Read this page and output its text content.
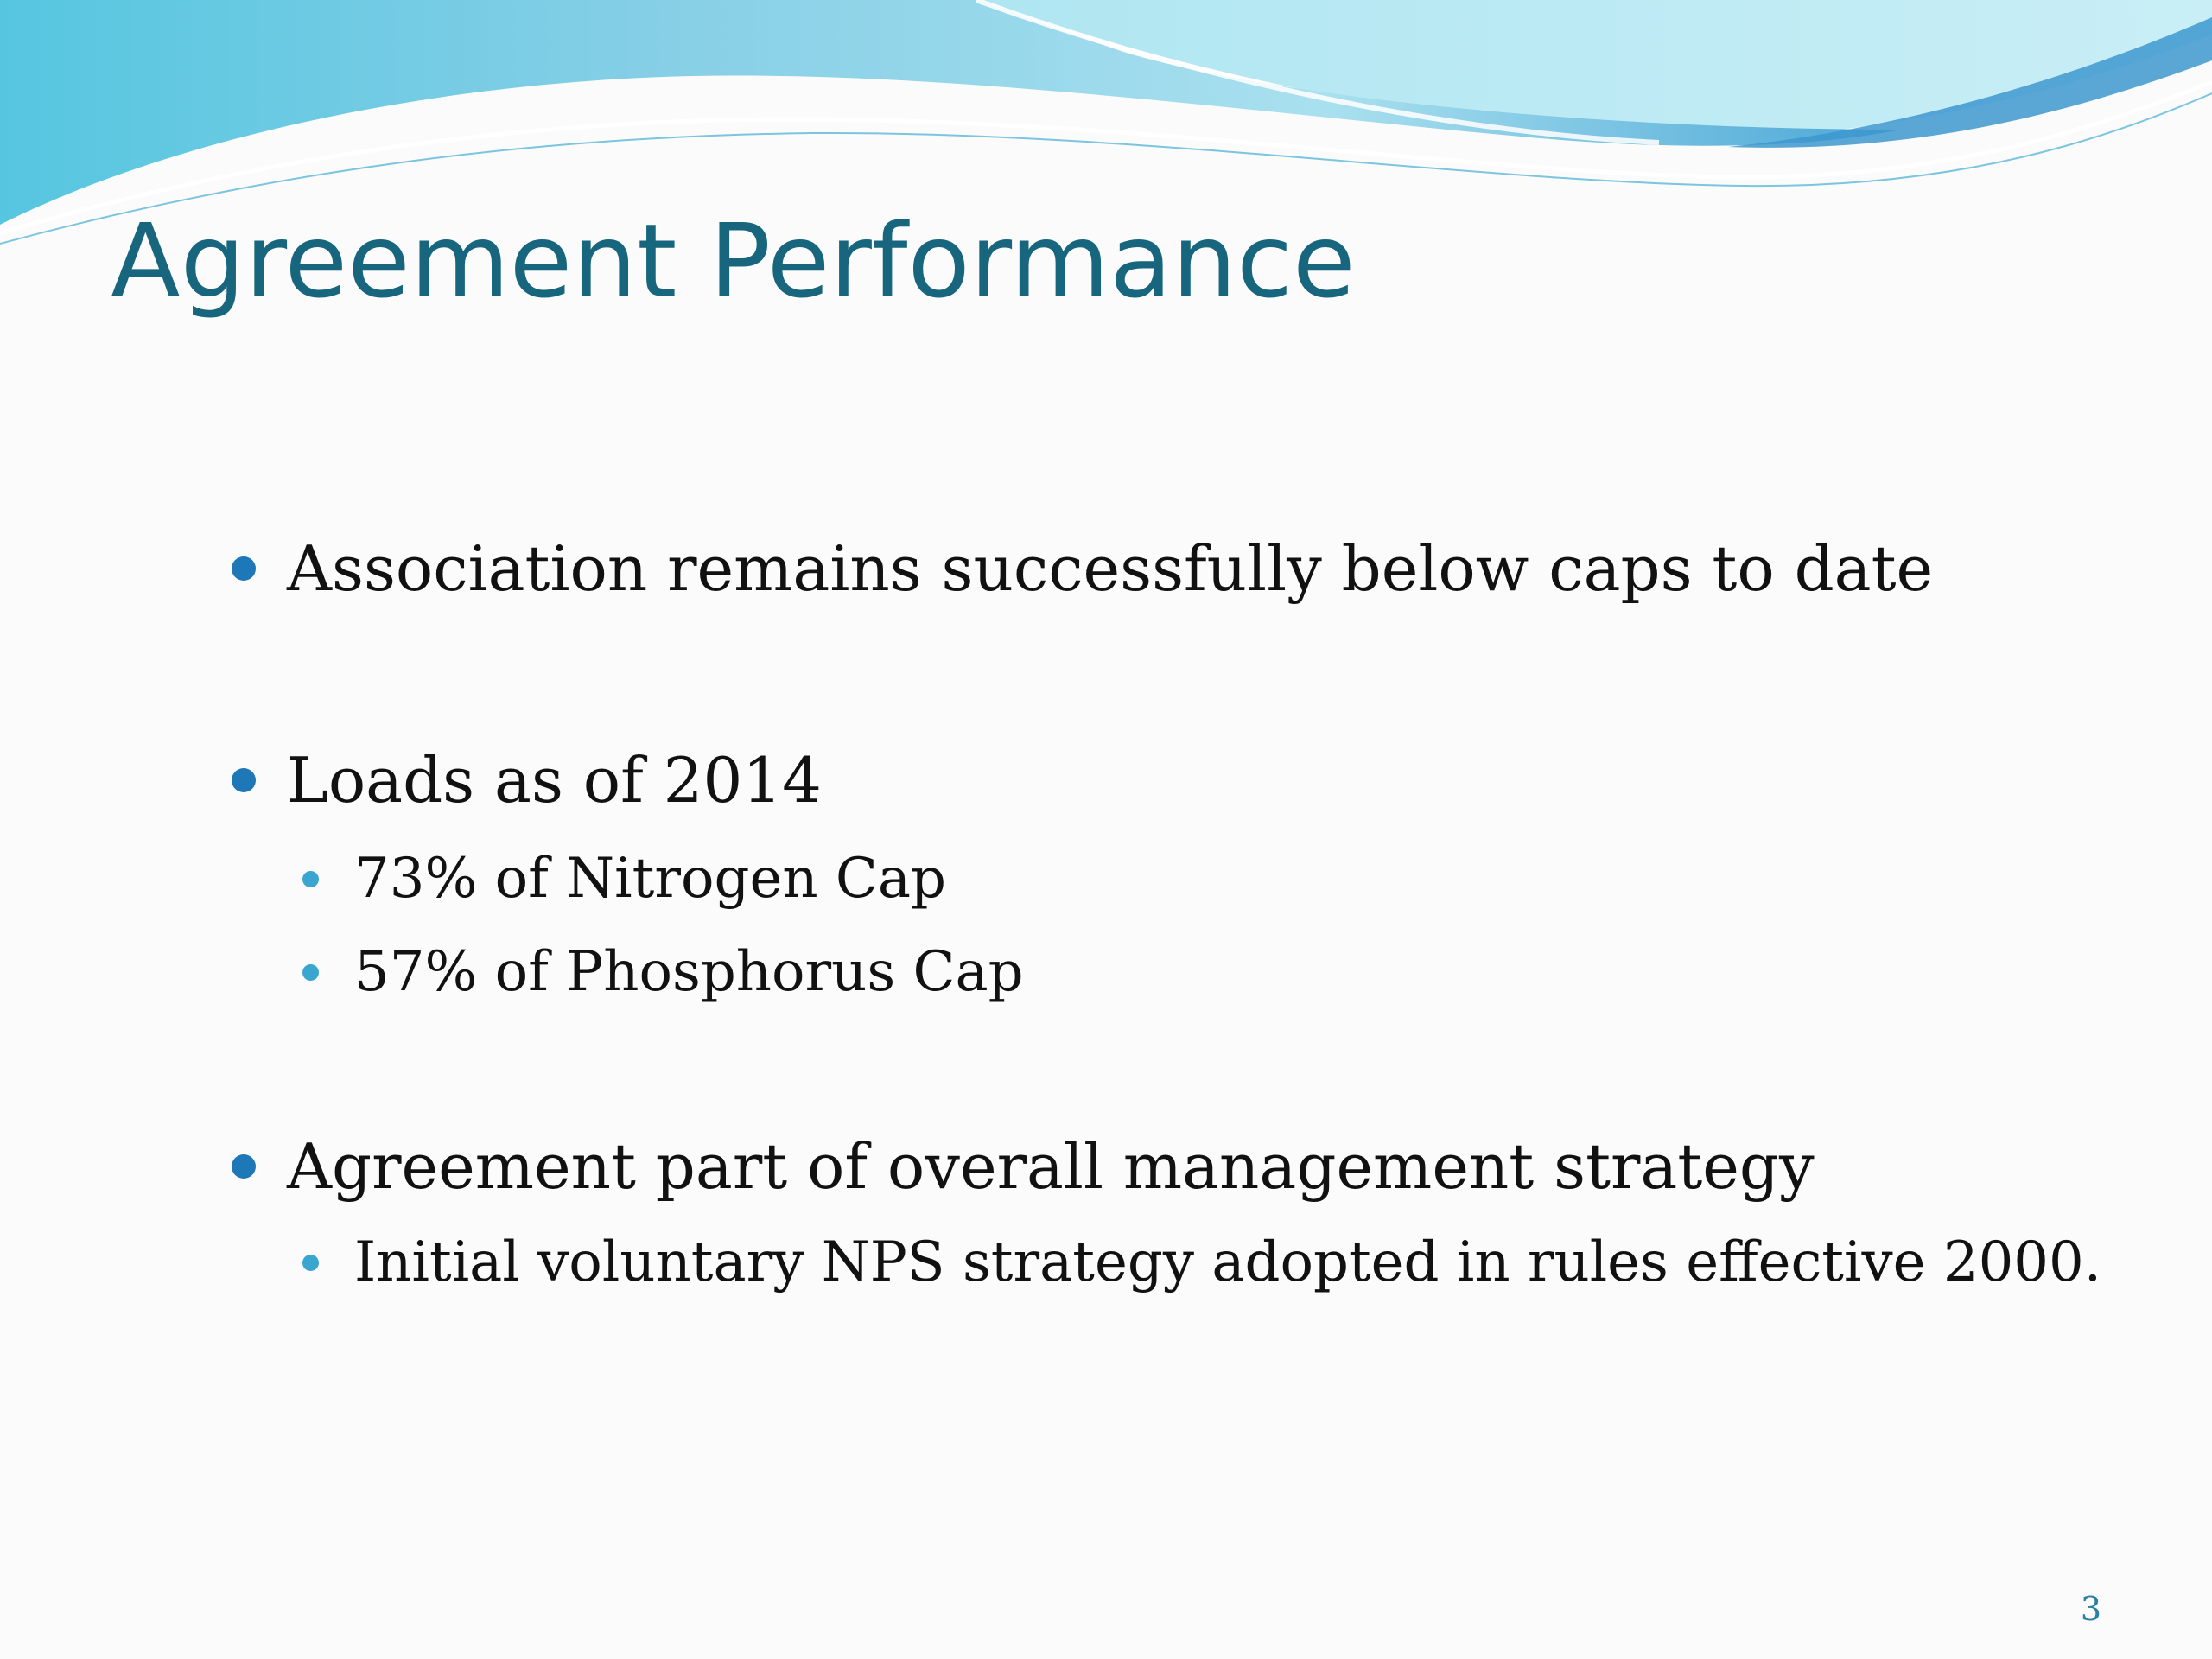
Agreement Performance
Association remains successfully below caps to date
Loads as of 2014
73% of Nitrogen Cap
57% of Phosphorus Cap
Agreement part of overall management strategy
Initial voluntary NPS strategy adopted in rules effective 2000.
3
